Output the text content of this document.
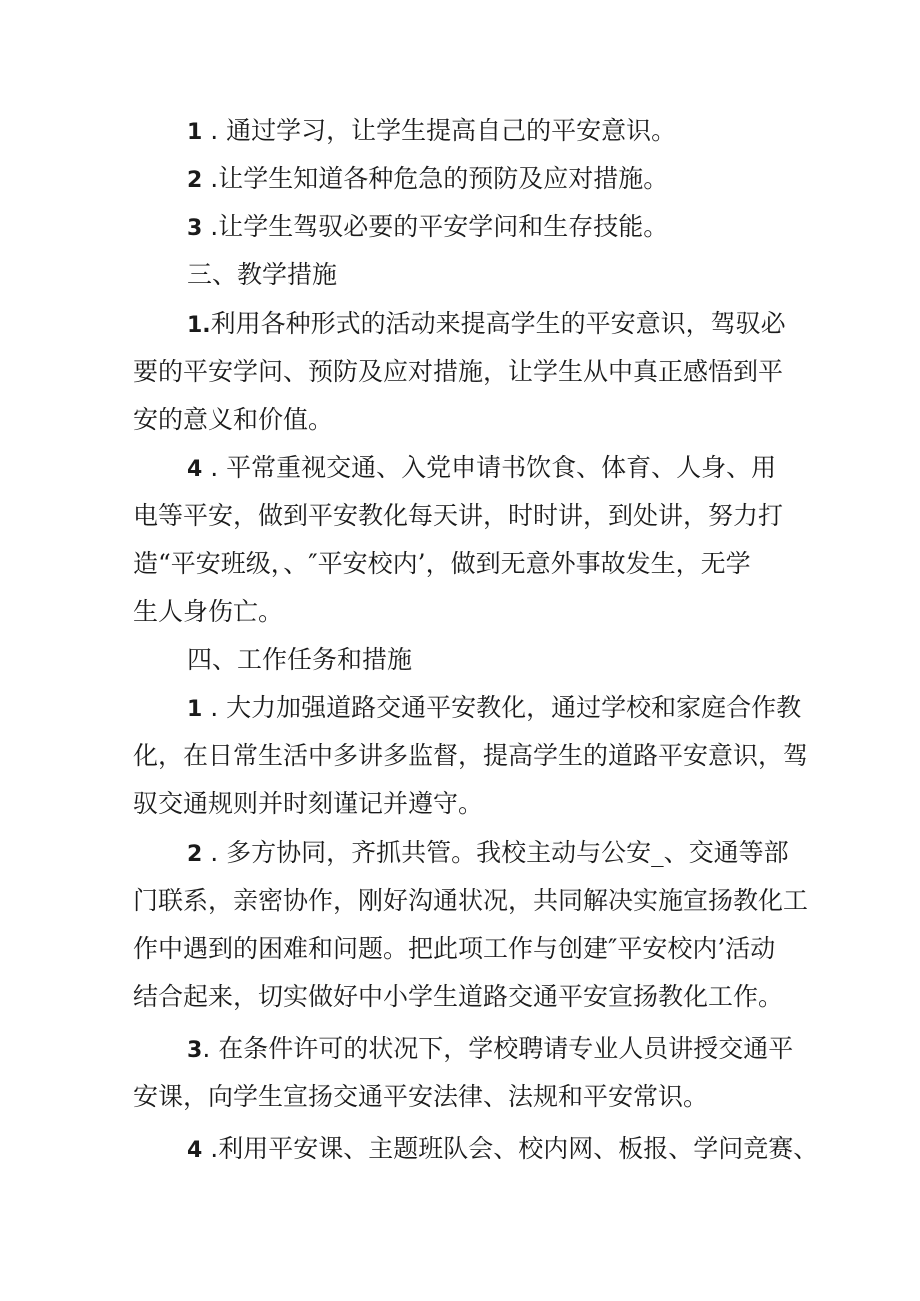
1 . 通过学习，让学生提高自己的平安意识。
2 .让学生知道各种危急的预防及应对措施。
3 .让学生驾驭必要的平安学问和生存技能。
三、教学措施
1.利用各种形式的活动来提高学生的平安意识，驾驭必
要的平安学问、预防及应对措施，让学生从中真正感悟到平
安的意义和价值。
4 . 平常重视交通、入党申请书饮食、体育、人身、用
电等平安，做到平安教化每天讲，时时讲，到处讲，努力打
造“平安班级，、″平安校内’，做到无意外事故发生，无学
生人身伤亡。
四、工作任务和措施
1 . 大力加强道路交通平安教化，通过学校和家庭合作教
化，在日常生活中多讲多监督，提高学生的道路平安意识，驾
驭交通规则并时刻谨记并遵守。
2 . 多方协同，齐抓共管。我校主动与公安_、交通等部
门联系，亲密协作，刚好沟通状况，共同解决实施宣扬教化工
作中遇到的困难和问题。把此项工作与创建″平安校内’活动
结合起来，切实做好中小学生道路交通平安宣扬教化工作。
3. 在条件许可的状况下，学校聘请专业人员讲授交通平
安课，向学生宣扬交通平安法律、法规和平安常识。
4 .利用平安课、主题班队会、校内网、板报、学问竞赛、
